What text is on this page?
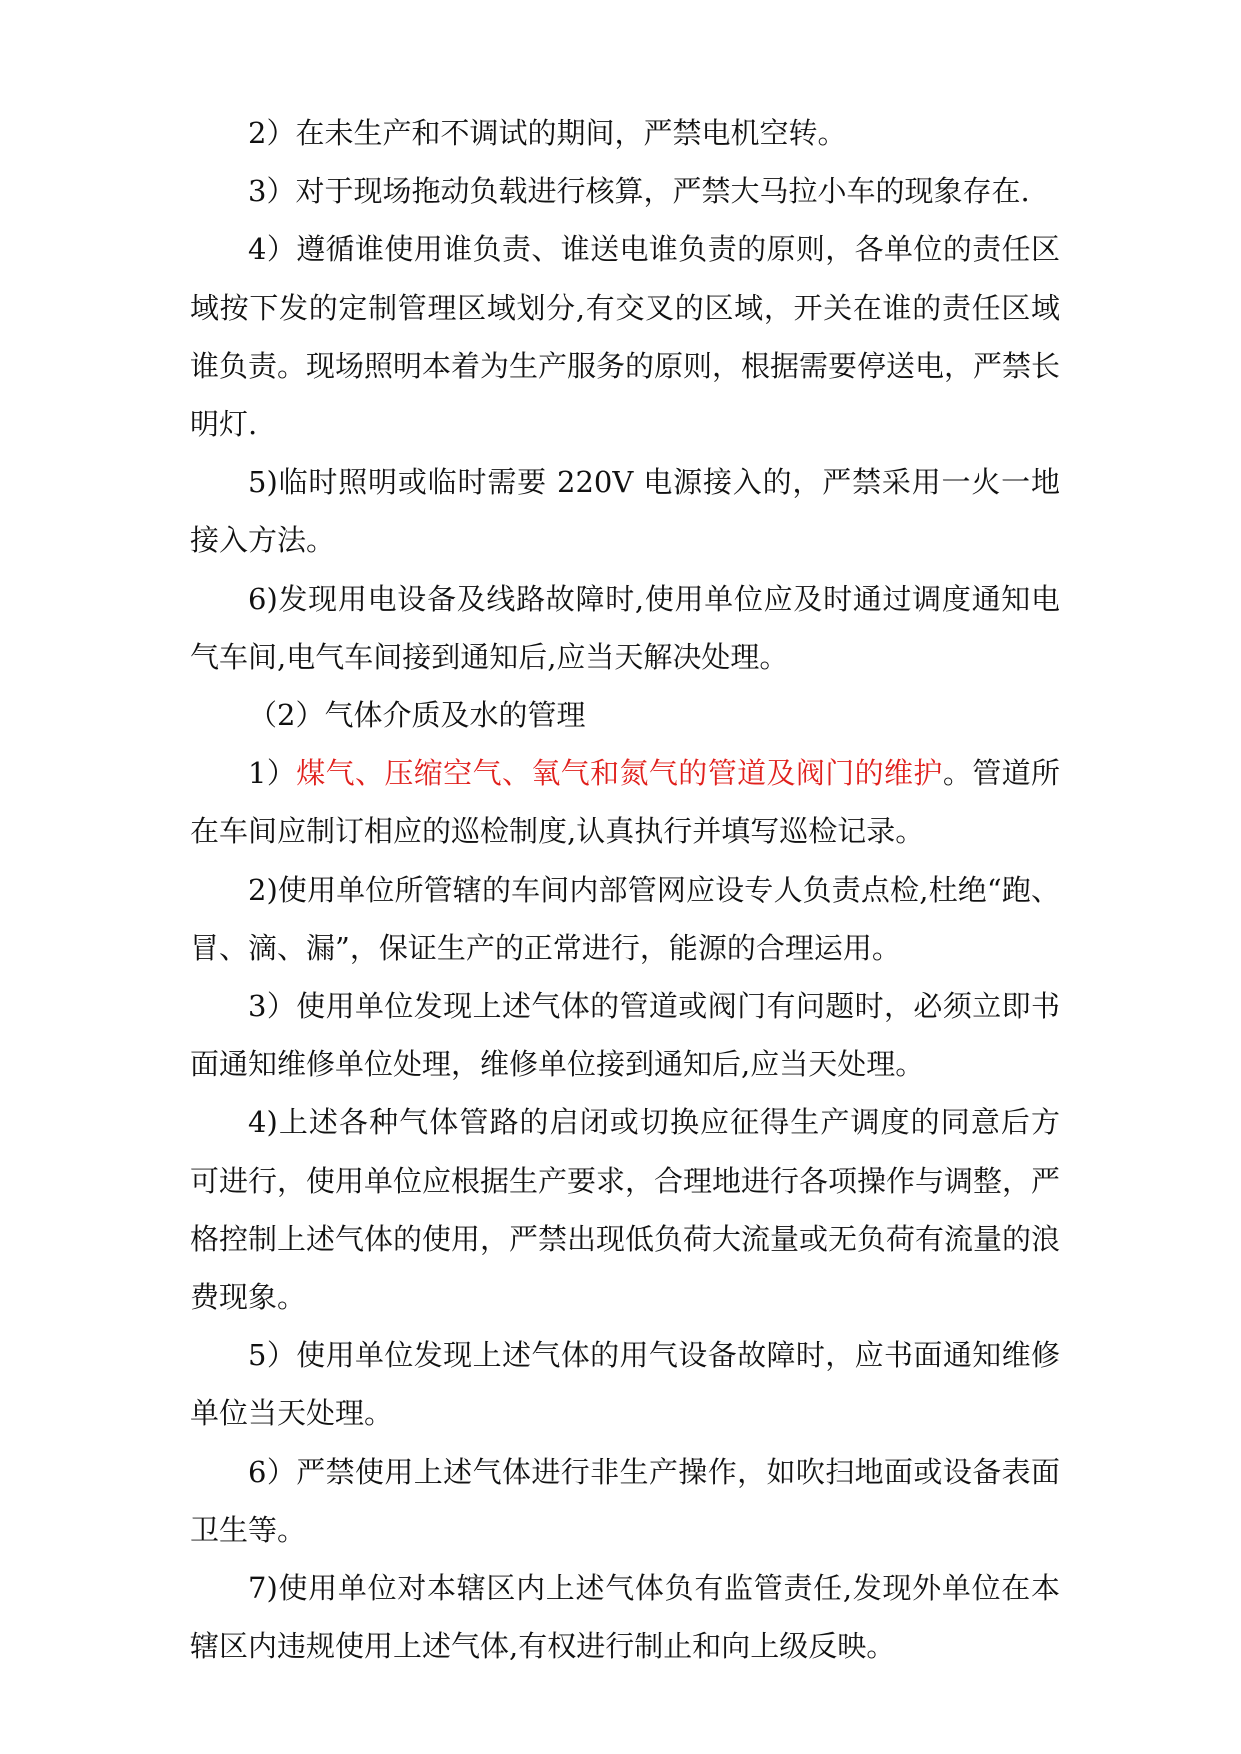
2）在未生产和不调试的期间，严禁电机空转。

3）对于现场拖动负载进行核算，严禁大马拉小车的现象存在.

4）遵循谁使用谁负责、谁送电谁负责的原则，各单位的责任区域按下发的定制管理区域划分,有交叉的区域，开关在谁的责任区域谁负责。现场照明本着为生产服务的原则，根据需要停送电，严禁长明灯.

5)临时照明或临时需要 220V 电源接入的，严禁采用一火一地接入方法。

6)发现用电设备及线路故障时,使用单位应及时通过调度通知电气车间,电气车间接到通知后,应当天解决处理。

（2）气体介质及水的管理

1）煤气、压缩空气、氧气和氮气的管道及阀门的维护。管道所在车间应制订相应的巡检制度,认真执行并填写巡检记录。

2)使用单位所管辖的车间内部管网应设专人负责点检,杜绝“跑、冒、滴、漏”，保证生产的正常进行，能源的合理运用。

3）使用单位发现上述气体的管道或阀门有问题时，必须立即书面通知维修单位处理，维修单位接到通知后,应当天处理。

4)上述各种气体管路的启闭或切换应征得生产调度的同意后方可进行，使用单位应根据生产要求，合理地进行各项操作与调整，严格控制上述气体的使用，严禁出现低负荷大流量或无负荷有流量的浪费现象。

5）使用单位发现上述气体的用气设备故障时，应书面通知维修单位当天处理。

6）严禁使用上述气体进行非生产操作，如吹扫地面或设备表面卫生等。

7)使用单位对本辖区内上述气体负有监管责任,发现外单位在本辖区内违规使用上述气体,有权进行制止和向上级反映。
